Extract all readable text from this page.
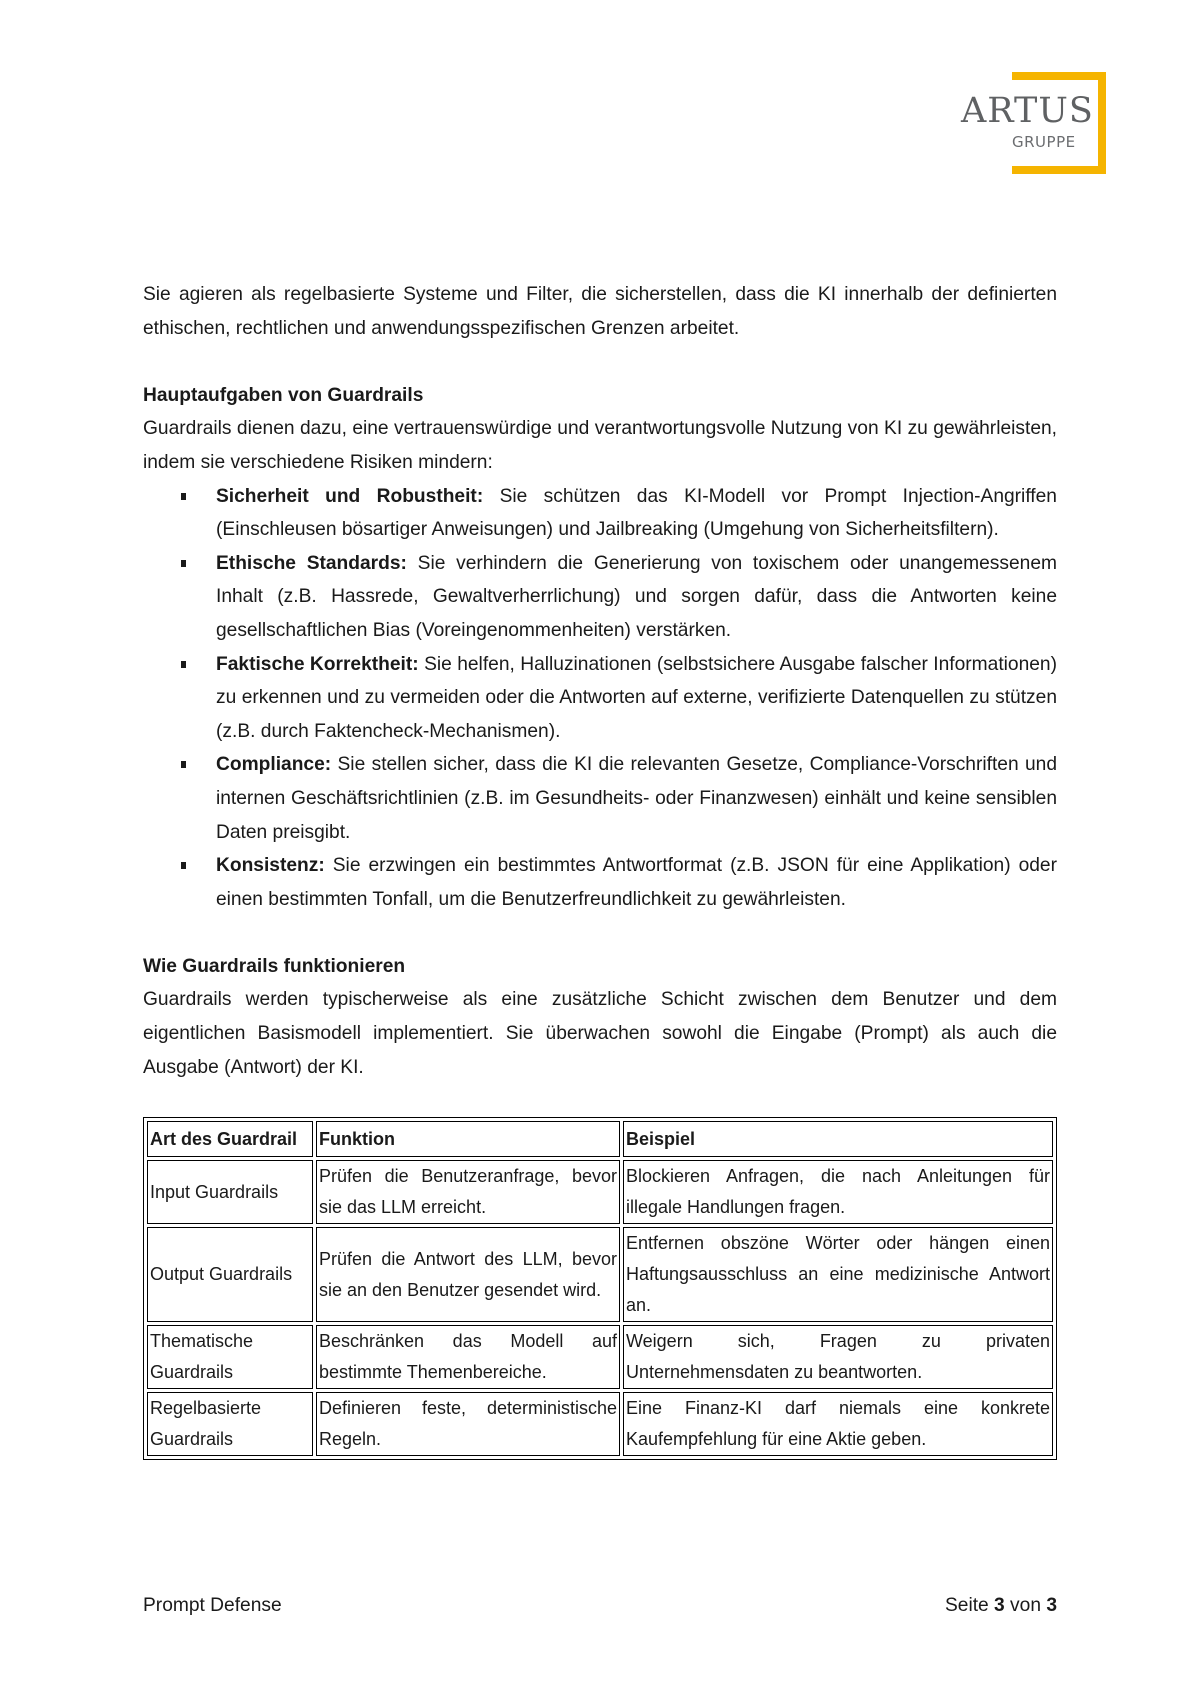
ARTUS
GRUPPE

Sie agieren als regelbasierte Systeme und Filter, die sicherstellen, dass die KI innerhalb der definierten ethischen, rechtlichen und anwendungsspezifischen Grenzen arbeitet.

Hauptaufgaben von Guardrails

Guardrails dienen dazu, eine vertrauenswürdige und verantwortungsvolle Nutzung von KI zu gewährleisten, indem sie verschiedene Risiken mindern:

Sicherheit und Robustheit: Sie schützen das KI-Modell vor Prompt Injection-Angriffen (Einschleusen bösartiger Anweisungen) und Jailbreaking (Umgehung von Sicherheitsfiltern).
Ethische Standards: Sie verhindern die Generierung von toxischem oder unangemessenem Inhalt (z.B. Hassrede, Gewaltverherrlichung) und sorgen dafür, dass die Antworten keine gesellschaftlichen Bias (Voreingenommenheiten) verstärken.
Faktische Korrektheit: Sie helfen, Halluzinationen (selbstsichere Ausgabe falscher Informationen) zu erkennen und zu vermeiden oder die Antworten auf externe, verifizierte Datenquellen zu stützen (z.B. durch Faktencheck-Mechanismen).
Compliance: Sie stellen sicher, dass die KI die relevanten Gesetze, Compliance-Vorschriften und internen Geschäftsrichtlinien (z.B. im Gesundheits- oder Finanzwesen) einhält und keine sensiblen Daten preisgibt.
Konsistenz: Sie erzwingen ein bestimmtes Antwortformat (z.B. JSON für eine Applikation) oder einen bestimmten Tonfall, um die Benutzerfreundlichkeit zu gewährleisten.
Wie Guardrails funktionieren

Guardrails werden typischerweise als eine zusätzliche Schicht zwischen dem Benutzer und dem eigentlichen Basismodell implementiert. Sie überwachen sowohl die Eingabe (Prompt) als auch die Ausgabe (Antwort) der KI.

Art des Guardrail	Funktion	Beispiel
Input Guardrails	Prüfen die Benutzeranfrage, bevor sie das LLM erreicht.	Blockieren Anfragen, die nach Anleitungen für illegale Handlungen fragen.
Output Guardrails	Prüfen die Antwort des LLM, bevor sie an den Benutzer gesendet wird.	Entfernen obszöne Wörter oder hängen einen Haftungsausschluss an eine medizinische Antwort an.
Thematische Guardrails	Beschränken das Modell auf bestimmte Themenbereiche.	Weigern sich, Fragen zu privaten Unternehmensdaten zu beantworten.
Regelbasierte Guardrails	Definieren feste, deterministische Regeln.	Eine Finanz-KI darf niemals eine konkrete Kaufempfehlung für eine Aktie geben.
Prompt Defense	Seite 3 von 3
